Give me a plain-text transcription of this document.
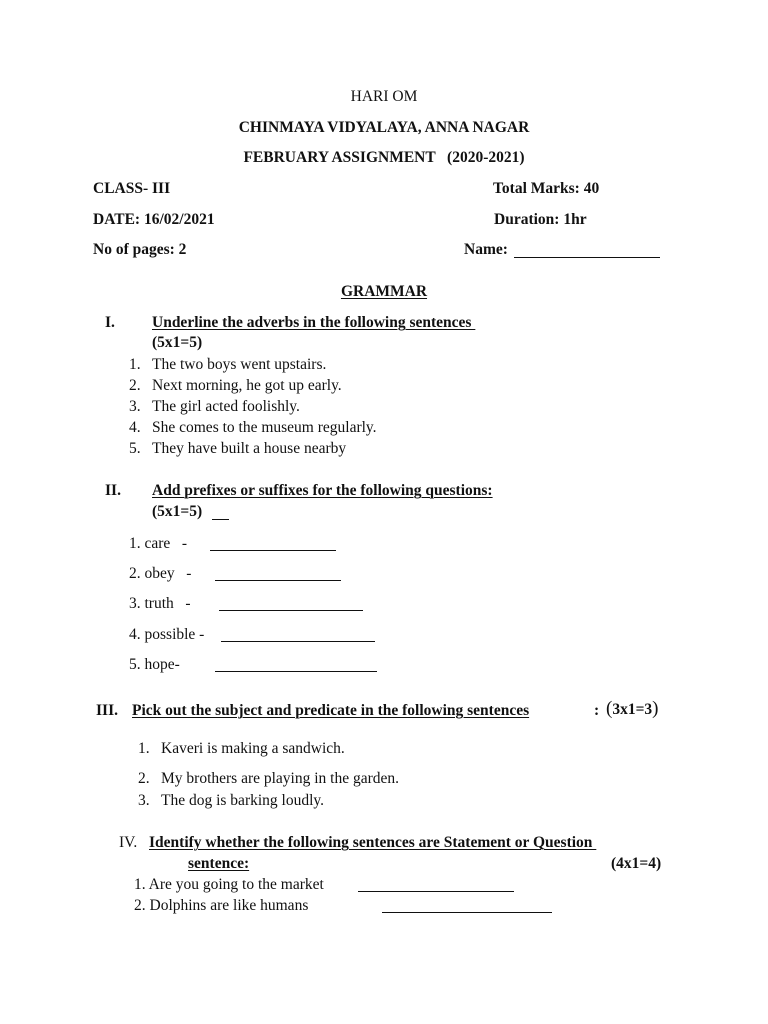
HARI OM
CHINMAYA VIDYALAYA, ANNA NAGAR
FEBRUARY ASSIGNMENT   (2020-2021)
CLASS- III	Total Marks: 40
DATE: 16/02/2021	Duration: 1hr
No of pages: 2	Name:
GRAMMAR
I. Underline the adverbs in the following sentences
(5x1=5)
1. The two boys went upstairs.
2. Next morning, he got up early.
3. The girl acted foolishly.
4. She comes to the museum regularly.
5. They have built a house nearby
II. Add prefixes or suffixes for the following questions:
(5x1=5)
1. care   -
2. obey   -
3. truth   -
4. possible -
5. hope-
III. Pick out the subject and predicate in the following sentences	: (3x1=3)
1. Kaveri is making a sandwich.
2. My brothers are playing in the garden.
3. The dog is barking loudly.
IV. Identify whether the following sentences are Statement or Question
sentence:	(4x1=4)
1. Are you going to the market
2. Dolphins are like humans
